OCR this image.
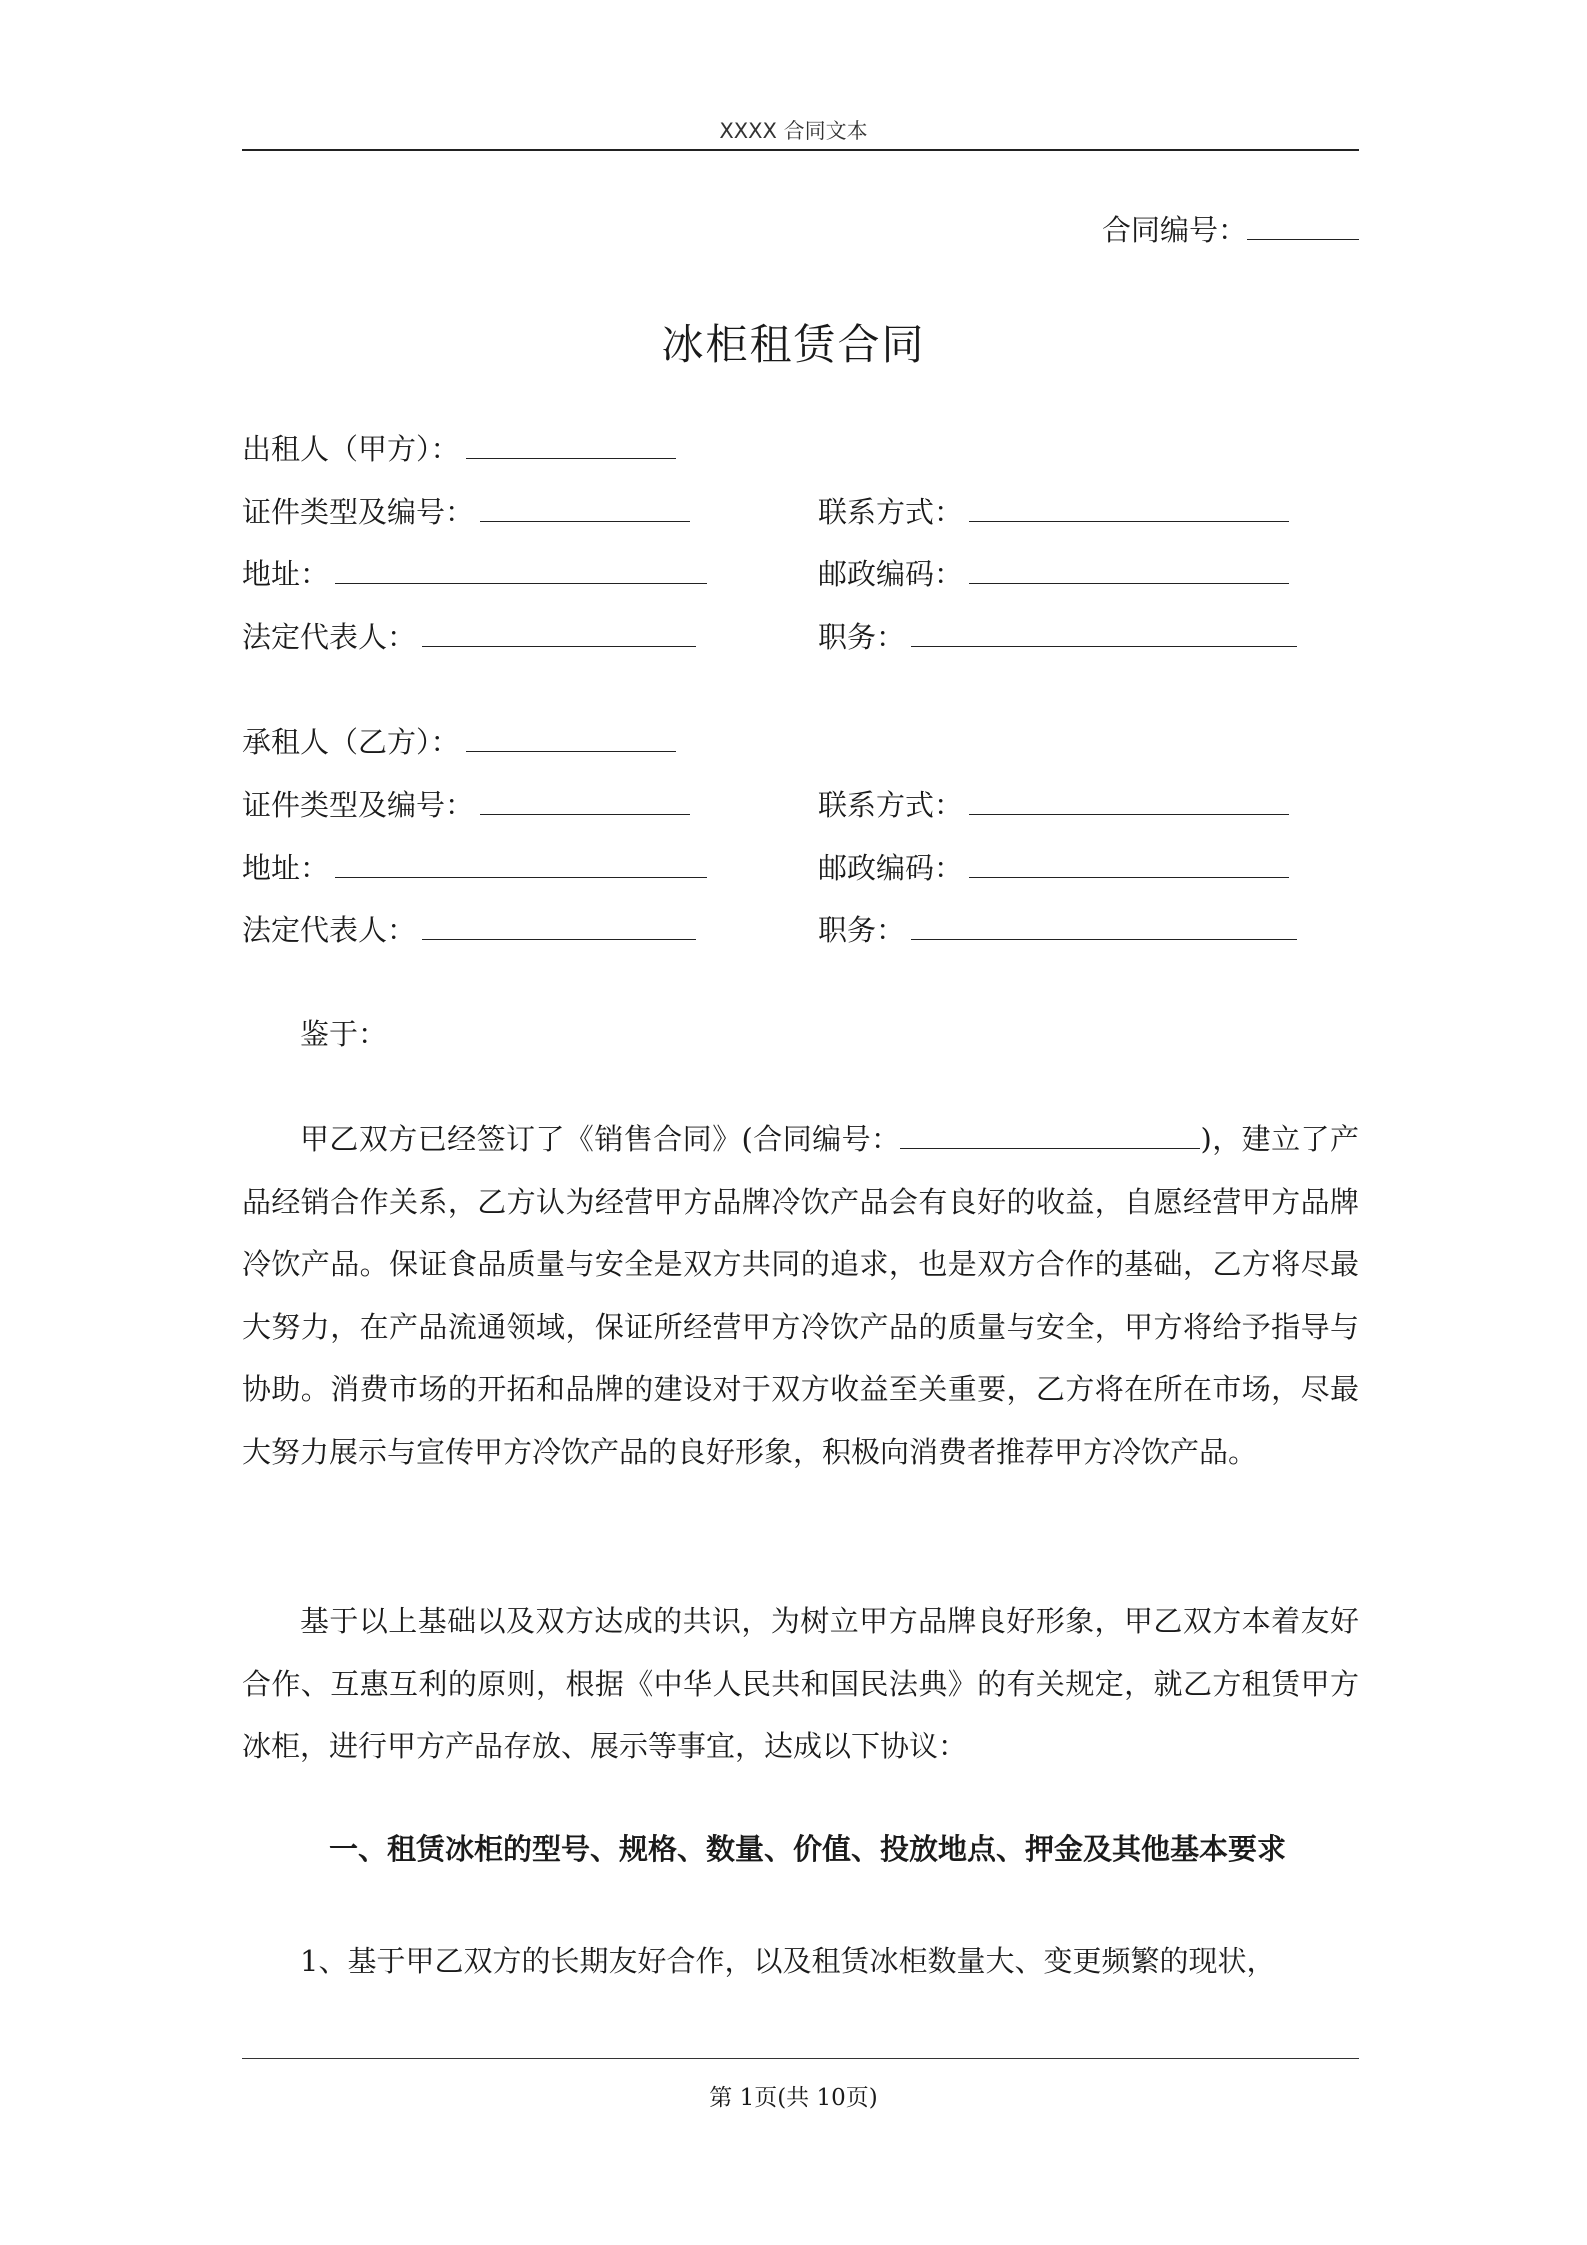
XXXX 合同文本
合同编号：
冰柜租赁合同
出租人（甲方）：
证件类型及编号：	联系方式：
地址：	邮政编码：
法定代表人：	职务：
承租人（乙方）：
证件类型及编号：	联系方式：
地址：	邮政编码：
法定代表人：	职务：

鉴于：

甲乙双方已经签订了《销售合同》(合同编号：	)，建立了产品经销合作关系，乙方认为经营甲方品牌冷饮产品会有良好的收益，自愿经营甲方品牌冷饮产品。保证食品质量与安全是双方共同的追求，也是双方合作的基础，乙方将尽最大努力，在产品流通领域，保证所经营甲方冷饮产品的质量与安全，甲方将给予指导与协助。消费市场的开拓和品牌的建设对于双方收益至关重要，乙方将在所在市场，尽最大努力展示与宣传甲方冷饮产品的良好形象，积极向消费者推荐甲方冷饮产品。

基于以上基础以及双方达成的共识，为树立甲方品牌良好形象，甲乙双方本着友好合作、互惠互利的原则，根据《中华人民共和国民法典》的有关规定，就乙方租赁甲方冰柜，进行甲方产品存放、展示等事宜，达成以下协议：

一、租赁冰柜的型号、规格、数量、价值、投放地点、押金及其他基本要求

1、基于甲乙双方的长期友好合作，以及租赁冰柜数量大、变更频繁的现状，

第 1页(共 10页)
